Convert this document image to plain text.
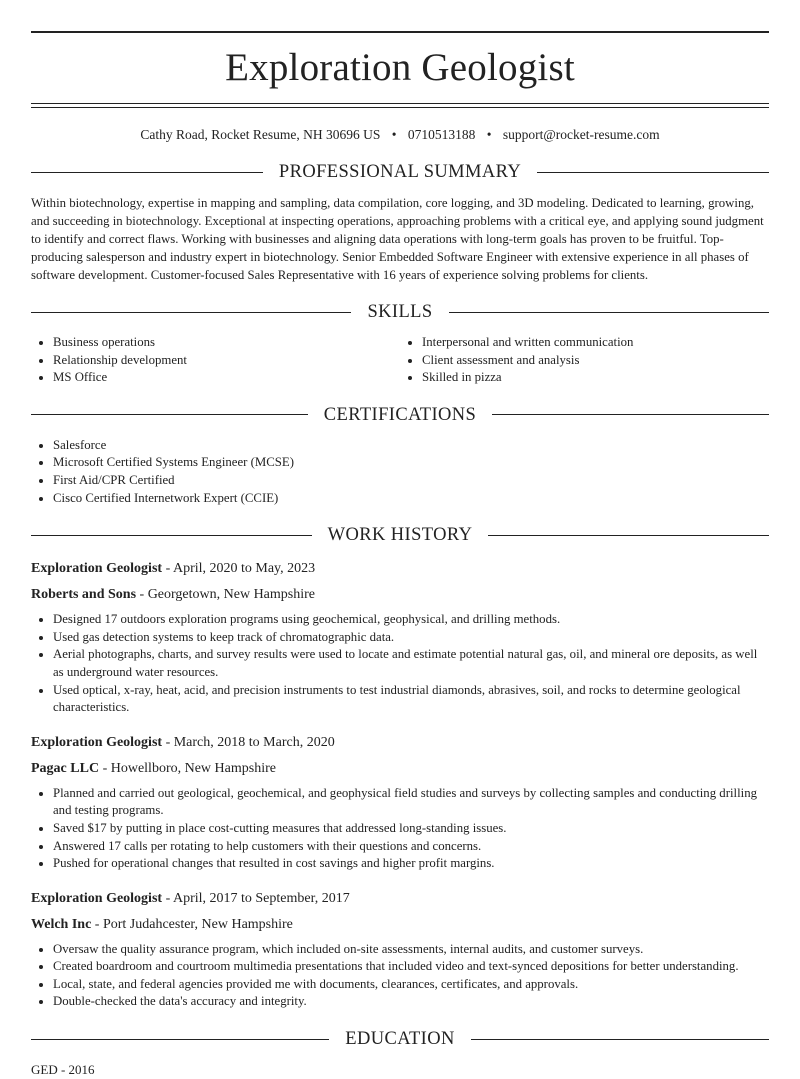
Exploration Geologist
Cathy Road, Rocket Resume, NH 30696 US • 0710513188 • support@rocket-resume.com
PROFESSIONAL SUMMARY
Within biotechnology, expertise in mapping and sampling, data compilation, core logging, and 3D modeling. Dedicated to learning, growing, and succeeding in biotechnology. Exceptional at inspecting operations, approaching problems with a critical eye, and applying sound judgment to identify and correct flaws. Working with businesses and aligning data operations with long-term goals has proven to be fruitful. Top-producing salesperson and industry expert in biotechnology. Senior Embedded Software Engineer with extensive experience in all phases of software development. Customer-focused Sales Representative with 16 years of experience solving problems for clients.
SKILLS
• Business operations
• Relationship development
• MS Office
• Interpersonal and written communication
• Client assessment and analysis
• Skilled in pizza
CERTIFICATIONS
• Salesforce
• Microsoft Certified Systems Engineer (MCSE)
• First Aid/CPR Certified
• Cisco Certified Internetwork Expert (CCIE)
WORK HISTORY
Exploration Geologist - April, 2020 to May, 2023
Roberts and Sons - Georgetown, New Hampshire
• Designed 17 outdoors exploration programs using geochemical, geophysical, and drilling methods.
• Used gas detection systems to keep track of chromatographic data.
• Aerial photographs, charts, and survey results were used to locate and estimate potential natural gas, oil, and mineral ore deposits, as well as underground water resources.
• Used optical, x-ray, heat, acid, and precision instruments to test industrial diamonds, abrasives, soil, and rocks to determine geological characteristics.
Exploration Geologist - March, 2018 to March, 2020
Pagac LLC - Howellboro, New Hampshire
• Planned and carried out geological, geochemical, and geophysical field studies and surveys by collecting samples and conducting drilling and testing programs.
• Saved $17 by putting in place cost-cutting measures that addressed long-standing issues.
• Answered 17 calls per rotating to help customers with their questions and concerns.
• Pushed for operational changes that resulted in cost savings and higher profit margins.
Exploration Geologist - April, 2017 to September, 2017
Welch Inc - Port Judahcester, New Hampshire
• Oversaw the quality assurance program, which included on-site assessments, internal audits, and customer surveys.
• Created boardroom and courtroom multimedia presentations that included video and text-synced depositions for better understanding.
• Local, state, and federal agencies provided me with documents, clearances, certificates, and approvals.
• Double-checked the data's accuracy and integrity.
EDUCATION
GED - 2016
